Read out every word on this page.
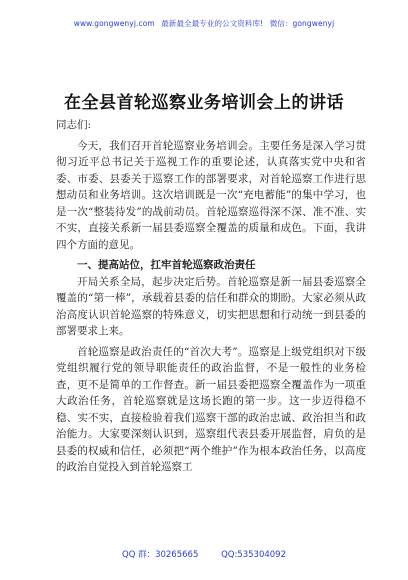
www.gongwenyj.com 最新最全最专业的公文资料库! 微信：gongwenyj
在全县首轮巡察业务培训会上的讲话

同志们:

今天，我们召开首轮巡察业务培训会。主要任务是深入学习贯彻习近平总书记关于巡视工作的重要论述，认真落实党中央和省委、市委、县委关于巡察工作的部署要求，对首轮巡察工作进行思想动员和业务培训。这次培训既是一次“充电蓄能”的集中学习，也是一次“整装待发”的战前动员。首轮巡察巡得深不深、准不准、实不实，直接关系新一届县委巡察全覆盖的质量和成色。下面，我讲四个方面的意见。

一、提高站位，扛牢首轮巡察政治责任

开局关系全局，起步决定后势。首轮巡察是新一届县委巡察全覆盖的“第一棒”，承载着县委的信任和群众的期盼。大家必须从政治高度认识首轮巡察的特殊意义，切实把思想和行动统一到县委的部署要求上来。

首轮巡察是政治责任的“首次大考”。巡察是上级党组织对下级党组织履行党的领导职能责任的政治监督，不是一般性的业务检查，更不是简单的工作督查。新一届县委把巡察全覆盖作为一项重大政治任务，首轮巡察就是这场长跑的第一步。这一步迈得稳不稳、实不实，直接检验着我们巡察干部的政治忠诚、政治担当和政治能力。大家要深刻认识到，巡察组代表县委开展监督，肩负的是县委的权威和信任，必须把“两个维护”作为根本政治任务，以高度的政治自觉投入到首轮巡察工

QQ 群：30265665	QQ:535304092
